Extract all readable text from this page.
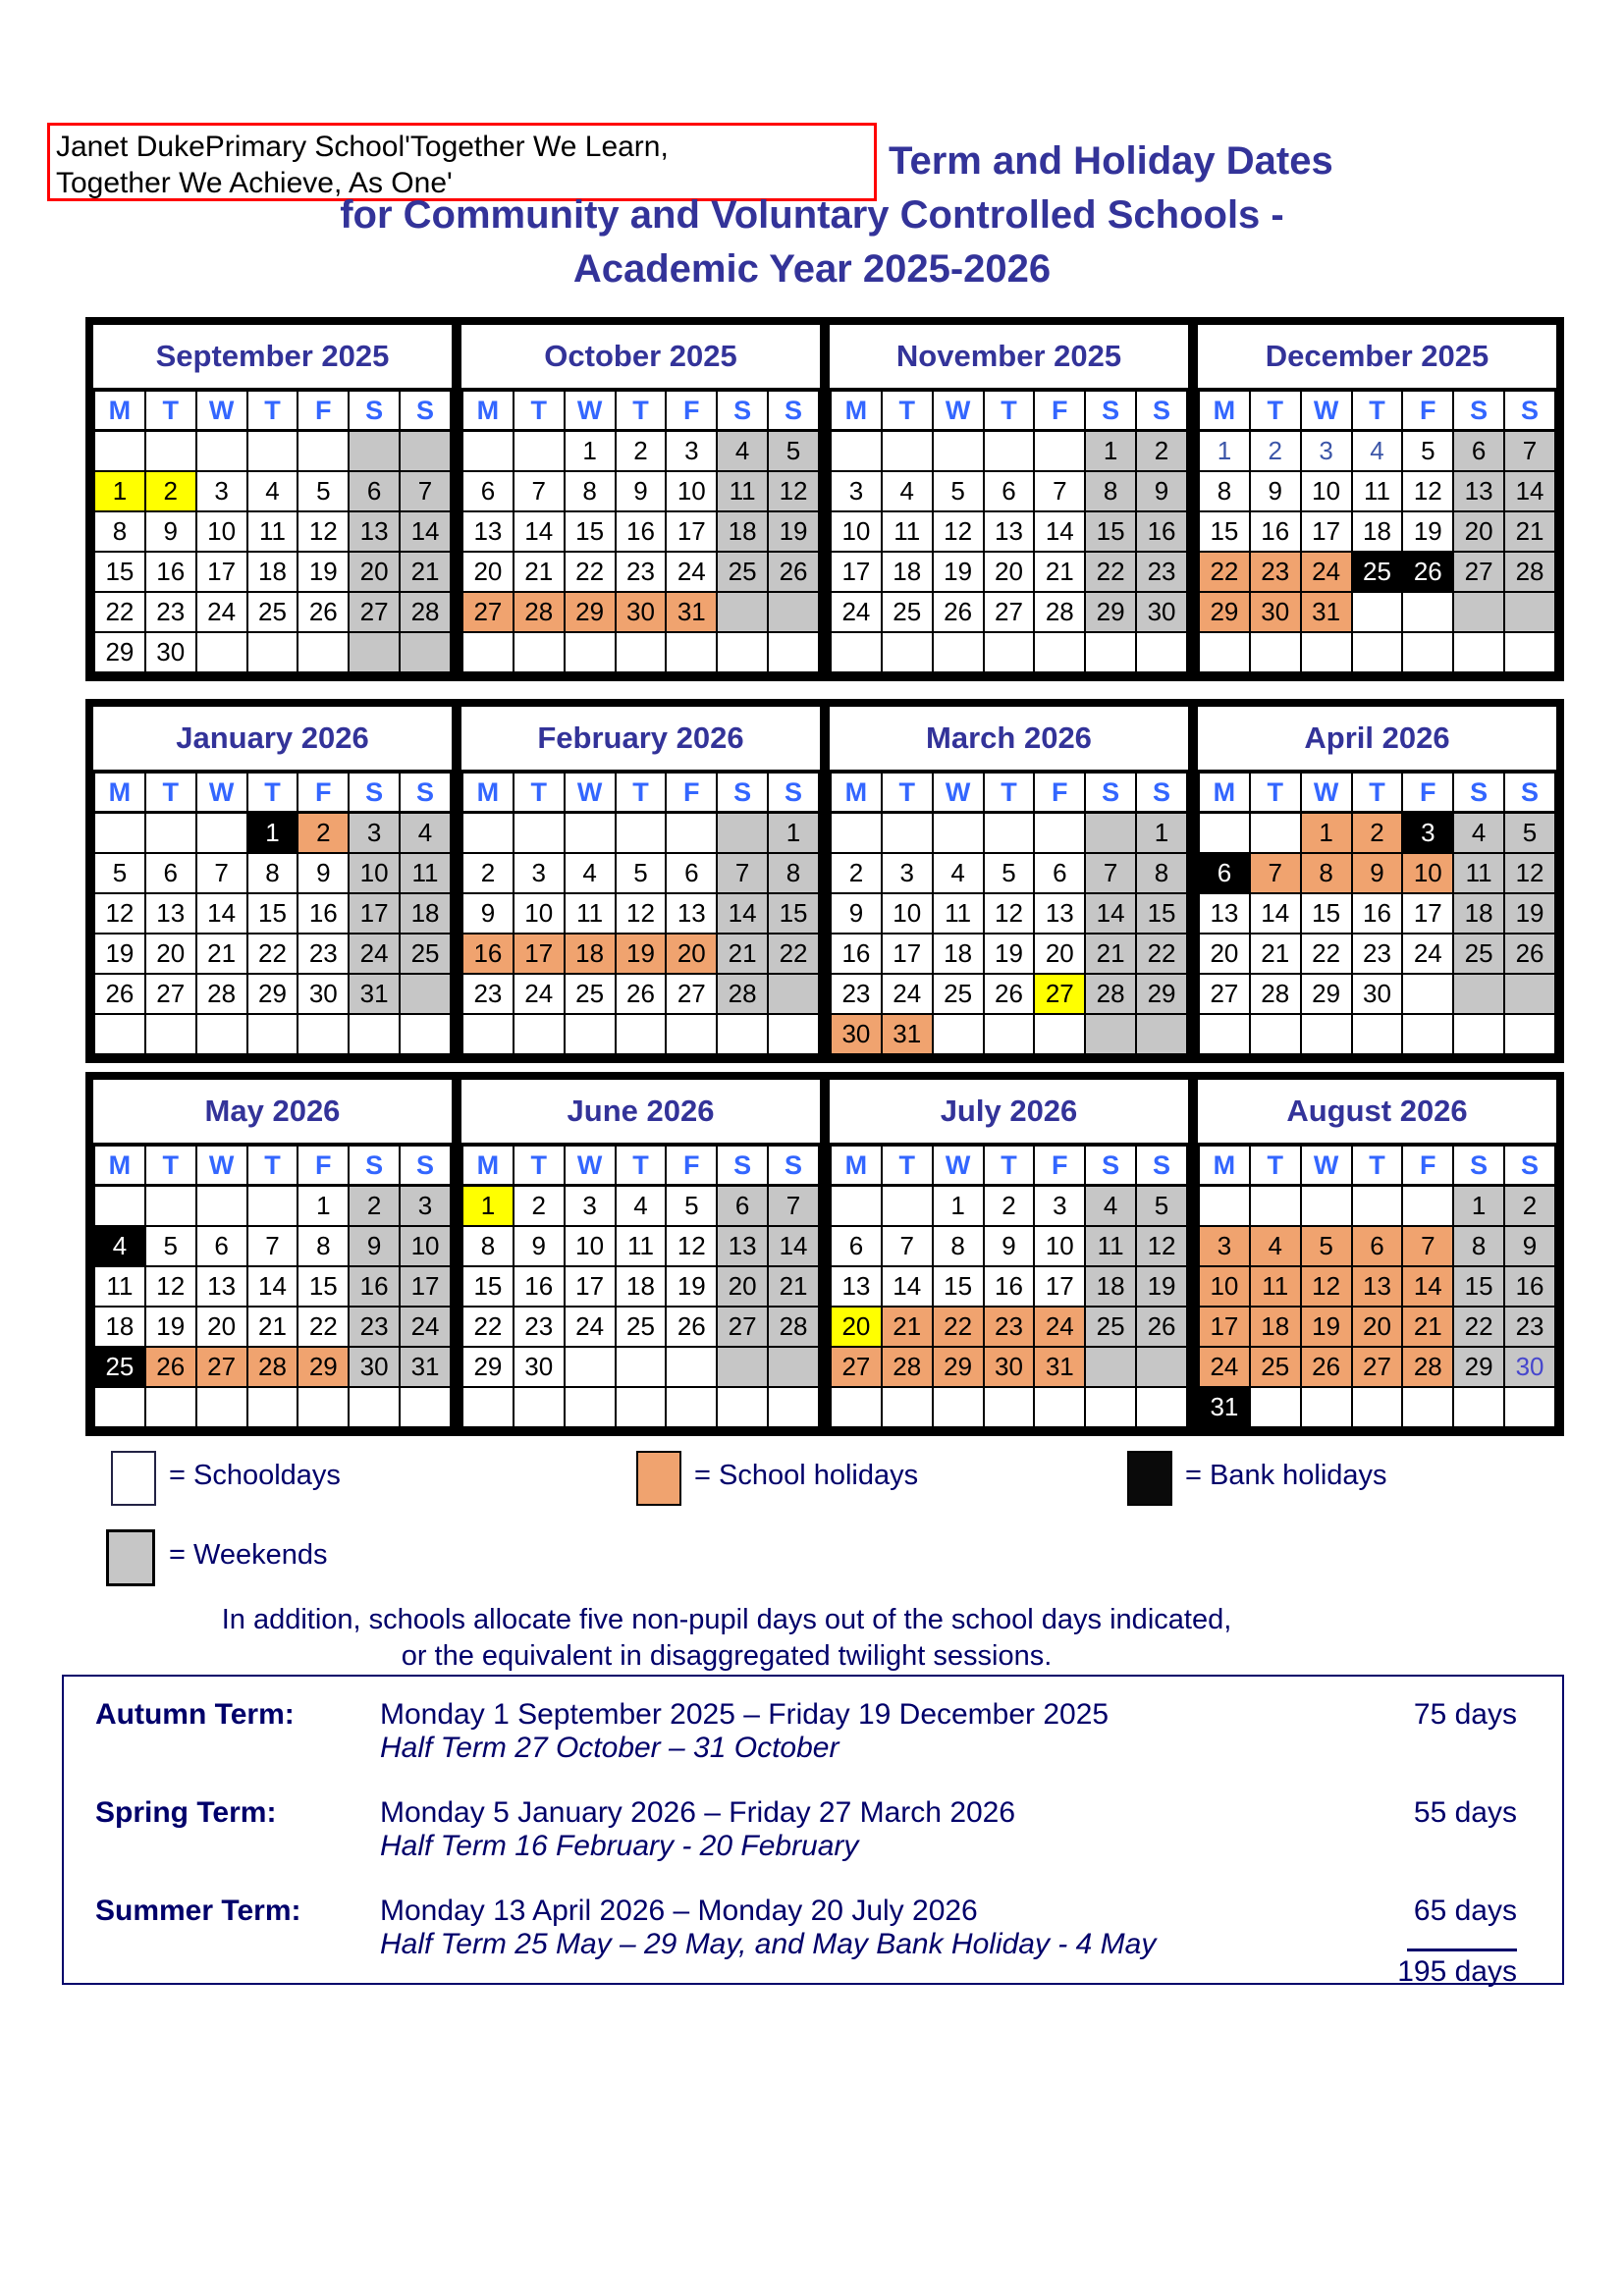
Janet DukePrimary School'Together We Learn,
Together We Achieve, As One'
Term and Holiday Dates
for Community and Voluntary Controlled Schools -
Academic Year 2025-2026
September 2025
M	T	W	T	F	S	S

1	2	3	4	5	6	7
8	9	10	11	12	13	14
15	16	17	18	19	20	21
22	23	24	25	26	27	28
29	30					
October 2025
M	T	W	T	F	S	S
		1	2	3	4	5
6	7	8	9	10	11	12
13	14	15	16	17	18	19
20	21	22	23	24	25	26
27	28	29	30	31		

November 2025
M	T	W	T	F	S	S
					1	2
3	4	5	6	7	8	9
10	11	12	13	14	15	16
17	18	19	20	21	22	23
24	25	26	27	28	29	30

December 2025
M	T	W	T	F	S	S
1	2	3	4	5	6	7
8	9	10	11	12	13	14
15	16	17	18	19	20	21
22	23	24	25	26	27	28
29	30	31				

January 2026
M	T	W	T	F	S	S
			1	2	3	4
5	6	7	8	9	10	11
12	13	14	15	16	17	18
19	20	21	22	23	24	25
26	27	28	29	30	31	

February 2026
M	T	W	T	F	S	S
						1
2	3	4	5	6	7	8
9	10	11	12	13	14	15
16	17	18	19	20	21	22
23	24	25	26	27	28	

March 2026
M	T	W	T	F	S	S
						1
2	3	4	5	6	7	8
9	10	11	12	13	14	15
16	17	18	19	20	21	22
23	24	25	26	27	28	29
30	31					
April 2026
M	T	W	T	F	S	S
		1	2	3	4	5
6	7	8	9	10	11	12
13	14	15	16	17	18	19
20	21	22	23	24	25	26
27	28	29	30			

May 2026
M	T	W	T	F	S	S
				1	2	3
4	5	6	7	8	9	10
11	12	13	14	15	16	17
18	19	20	21	22	23	24
25	26	27	28	29	30	31

June 2026
M	T	W	T	F	S	S
1	2	3	4	5	6	7
8	9	10	11	12	13	14
15	16	17	18	19	20	21
22	23	24	25	26	27	28
29	30					

July 2026
M	T	W	T	F	S	S
		1	2	3	4	5
6	7	8	9	10	11	12
13	14	15	16	17	18	19
20	21	22	23	24	25	26
27	28	29	30	31		

August 2026
M	T	W	T	F	S	S
					1	2
3	4	5	6	7	8	9
10	11	12	13	14	15	16
17	18	19	20	21	22	23
24	25	26	27	28	29	30
31						
= Schooldays	= School holidays	= Bank holidays
= Weekends
In addition, schools allocate five non-pupil days out of the school days indicated,
or the equivalent in disaggregated twilight sessions.
Autumn Term:	Monday 1 September 2025 – Friday 19 December 2025	75 days
Half Term 27 October – 31 October
Spring Term:	Monday 5 January 2026 – Friday 27 March 2026	55 days
Half Term 16 February - 20 February
Summer Term:	Monday 13 April 2026 – Monday 20 July 2026	65 days
Half Term 25 May – 29 May, and May Bank Holiday - 4 May
195 days
